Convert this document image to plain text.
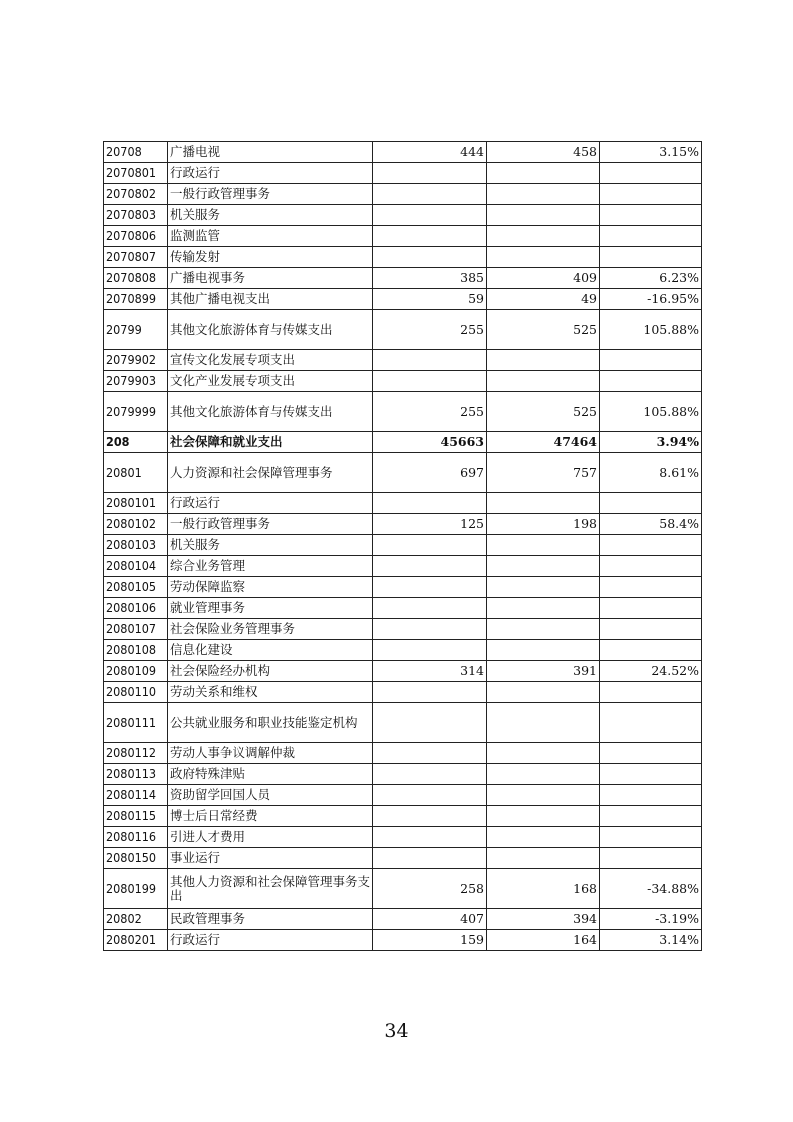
20708	广播电视	444	458	3.15%
2070801	行政运行			
2070802	一般行政管理事务			
2070803	机关服务			
2070806	监测监管			
2070807	传输发射			
2070808	广播电视事务	385	409	6.23%
2070899	其他广播电视支出	59	49	-16.95%
20799	其他文化旅游体育与传媒支出	255	525	105.88%
2079902	宣传文化发展专项支出			
2079903	文化产业发展专项支出			
2079999	其他文化旅游体育与传媒支出	255	525	105.88%
208	社会保障和就业支出	45663	47464	3.94%
20801	人力资源和社会保障管理事务	697	757	8.61%
2080101	行政运行			
2080102	一般行政管理事务	125	198	58.4%
2080103	机关服务			
2080104	综合业务管理			
2080105	劳动保障监察			
2080106	就业管理事务			
2080107	社会保险业务管理事务			
2080108	信息化建设			
2080109	社会保险经办机构	314	391	24.52%
2080110	劳动关系和维权			
2080111	公共就业服务和职业技能鉴定机构			
2080112	劳动人事争议调解仲裁			
2080113	政府特殊津贴			
2080114	资助留学回国人员			
2080115	博士后日常经费			
2080116	引进人才费用			
2080150	事业运行			
2080199	其他人力资源和社会保障管理事务支出	258	168	-34.88%
20802	民政管理事务	407	394	-3.19%
2080201	行政运行	159	164	3.14%
34
